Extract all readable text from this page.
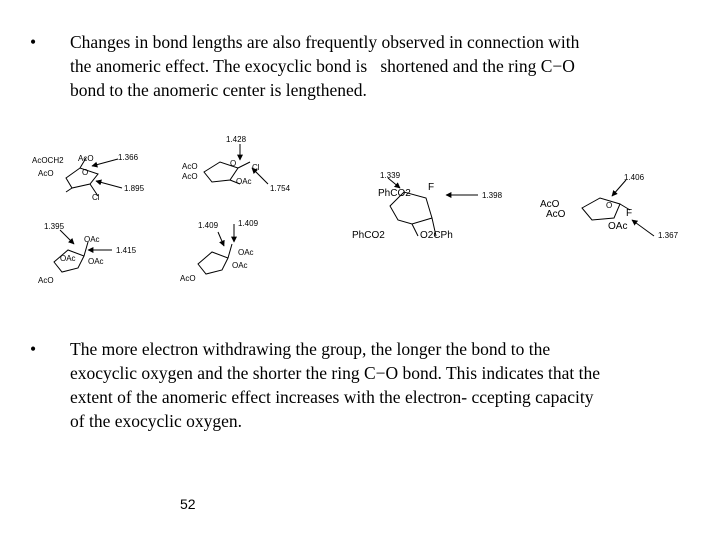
• Changes in bond lengths are also frequently observed in connection with
the anomeric effect. The exocyclic bond is   shortened and the ring C−O
bond to the anomeric center is lengthened.
AcOCH2 AcO
AcO	O
Cl
1.366
1.895
AcO
AcO
O Cl
OAc
1.428
1.754
OAc
OAc
OAc
AcO
1.395
1.415	OAc
OAc
AcO
1.409 1.409
PhCO2
F
PhCO2	O2CPh
1.339
1.398
AcO
AcO
O
F
OAc
1.406
1.367
• The more electron withdrawing the group, the longer the bond to the
exocyclic oxygen and the shorter the ring C−O bond. This indicates that the
extent of the anomeric effect increases with the electron- ccepting capacity
of the exocyclic oxygen.
52
